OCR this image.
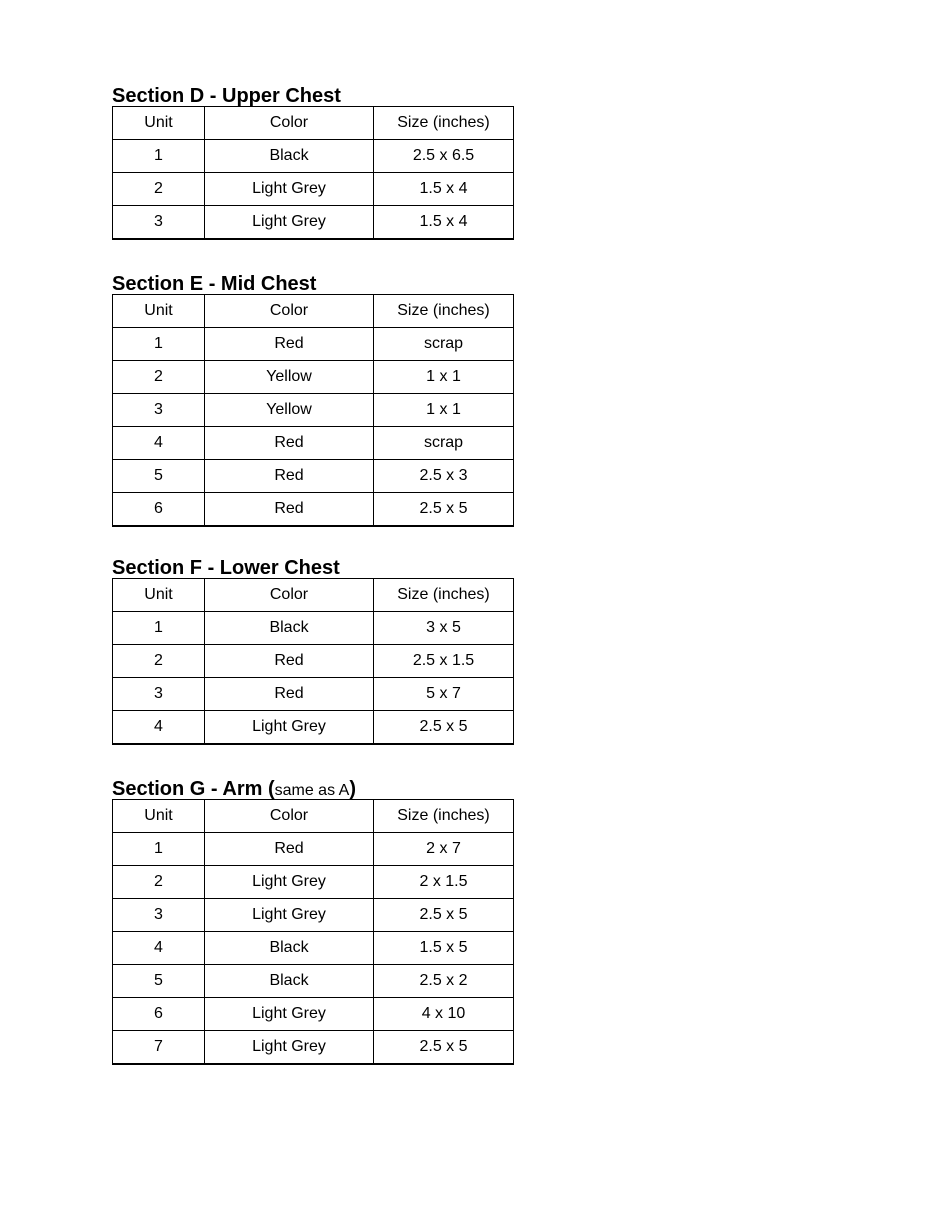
Section D - Upper Chest
Unit	Color	Size (inches)
1	Black	2.5 x 6.5
2	Light Grey	1.5 x 4
3	Light Grey	1.5 x 4
Section E - Mid Chest
Unit	Color	Size (inches)
1	Red	scrap
2	Yellow	1 x 1
3	Yellow	1 x 1
4	Red	scrap
5	Red	2.5 x 3
6	Red	2.5 x 5
Section F - Lower Chest
Unit	Color	Size (inches)
1	Black	3 x 5
2	Red	2.5 x 1.5
3	Red	5 x 7
4	Light Grey	2.5 x 5
Section G - Arm (same as A)
Unit	Color	Size (inches)
1	Red	2 x 7
2	Light Grey	2 x 1.5
3	Light Grey	2.5 x 5
4	Black	1.5 x 5
5	Black	2.5 x 2
6	Light Grey	4 x 10
7	Light Grey	2.5 x 5
